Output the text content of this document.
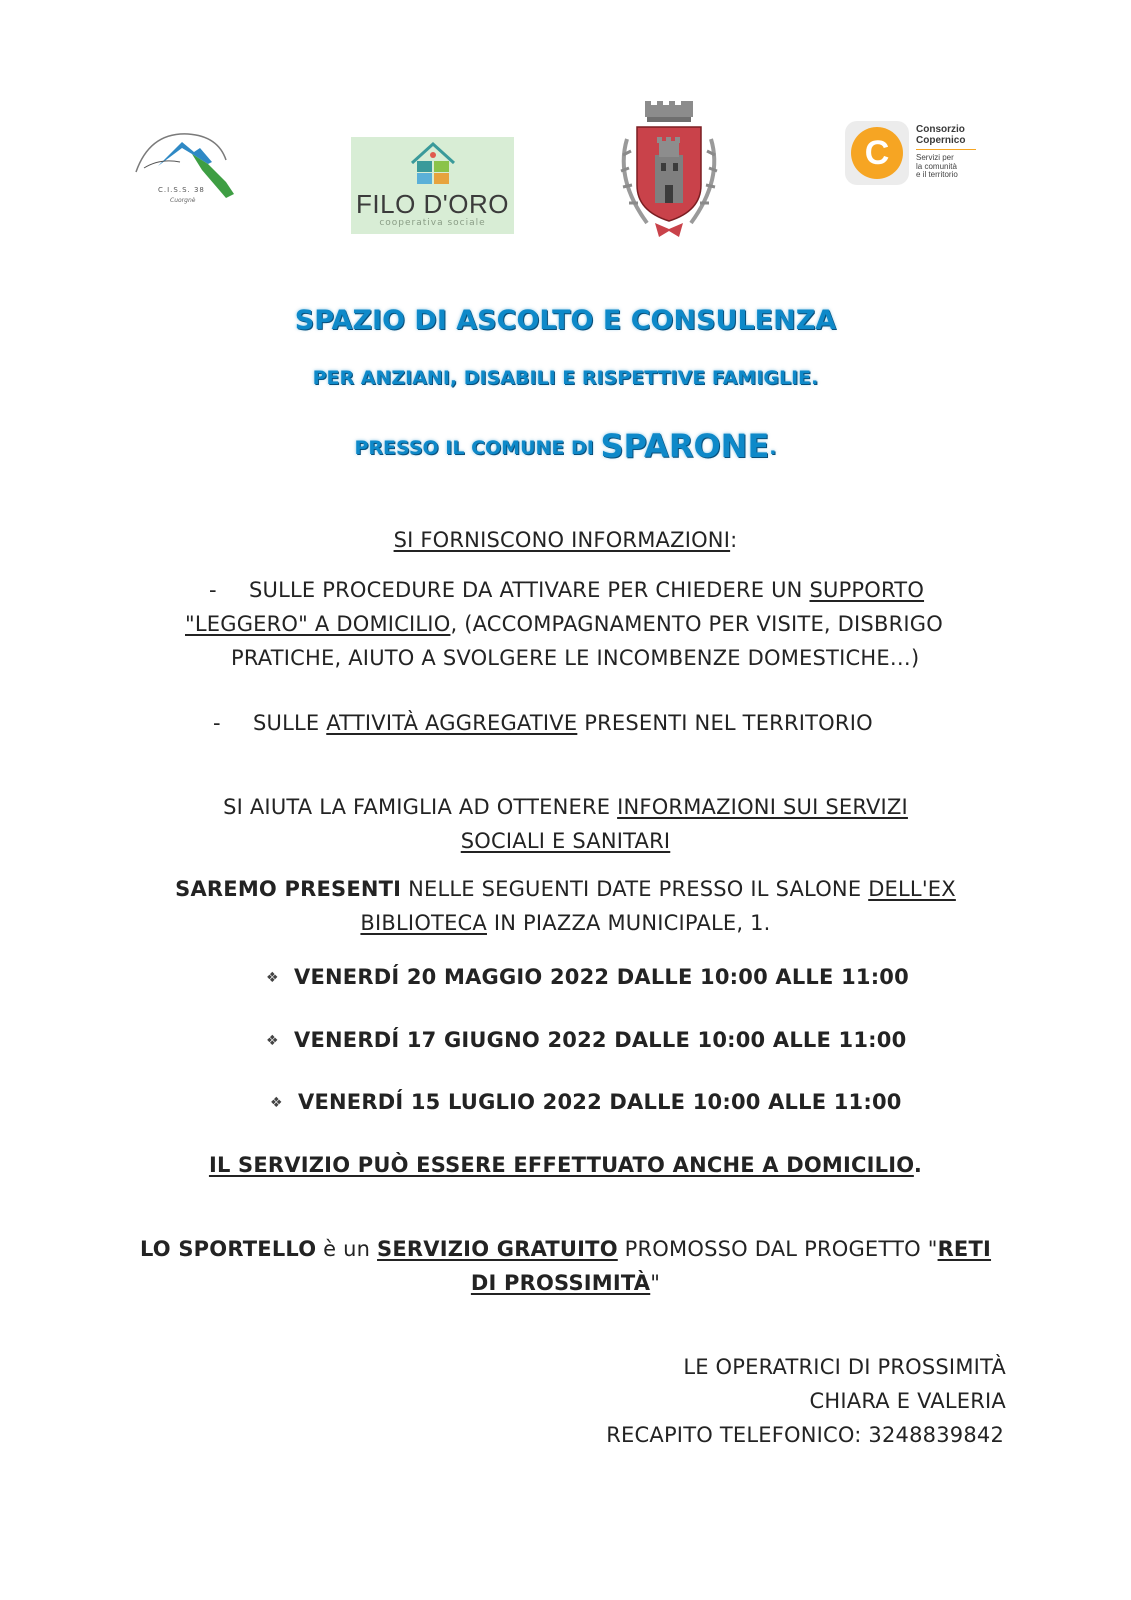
C.I.S.S. 38
Cuorgnè	FILO D'ORO
cooperativa sociale
C
Consorzio
Copernico
Servizi per
la comunità
e il territorio
SPAZIO DI ASCOLTO E CONSULENZA
PER ANZIANI, DISABILI E RISPETTIVE FAMIGLIE.
PRESSO IL COMUNE DI SPARONE.
SI FORNISCONO INFORMAZIONI:
- SULLE PROCEDURE DA ATTIVARE PER CHIEDERE UN SUPPORTO
"LEGGERO" A DOMICILIO, (ACCOMPAGNAMENTO PER VISITE, DISBRIGO
PRATICHE, AIUTO A SVOLGERE LE INCOMBENZE DOMESTICHE…)
- SULLE ATTIVITÀ AGGREGATIVE PRESENTI NEL TERRITORIO
SI AIUTA LA FAMIGLIA AD OTTENERE INFORMAZIONI SUI SERVIZI
SOCIALI E SANITARI
SAREMO PRESENTI NELLE SEGUENTI DATE PRESSO IL SALONE DELL'EX
BIBLIOTECA IN PIAZZA MUNICIPALE, 1.
❖ VENERDÍ 20 MAGGIO 2022 DALLE 10:00 ALLE 11:00
❖ VENERDÍ 17 GIUGNO 2022 DALLE 10:00 ALLE 11:00
❖ VENERDÍ 15 LUGLIO 2022 DALLE 10:00 ALLE 11:00
IL SERVIZIO PUÒ ESSERE EFFETTUATO ANCHE A DOMICILIO.
LO SPORTELLO è un SERVIZIO GRATUITO PROMOSSO DAL PROGETTO "RETI
DI PROSSIMITÀ"
LE OPERATRICI DI PROSSIMITÀ
CHIARA E VALERIA
RECAPITO TELEFONICO: 3248839842
